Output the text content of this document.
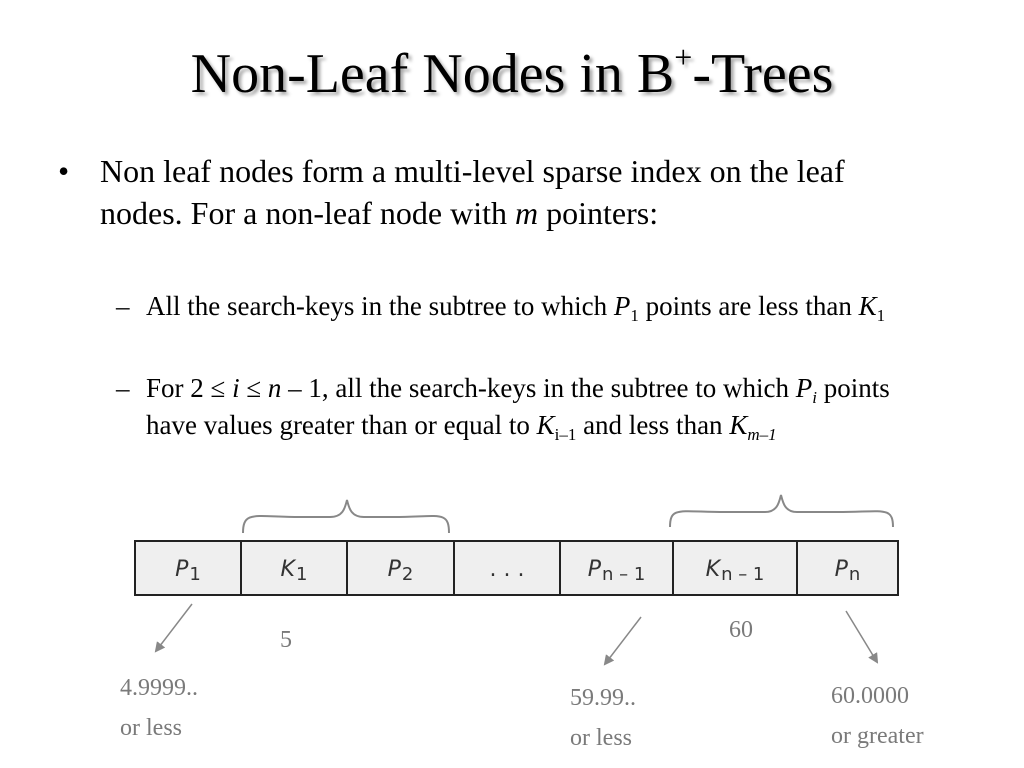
Non-Leaf Nodes in B+-Trees
• Non leaf nodes form a multi-level sparse index on the leaf nodes. For a non-leaf node with m pointers:
– All the search-keys in the subtree to which $P_1$ points are less than $K_1$
– For 2 ≤ i ≤ n – 1, all the search-keys in the subtree to which $P_i$ points have values greater than or equal to $K_{i-1}$ and less than $K_{m-1}$
P1	K1	P2	. . .	Pn – 1	Kn – 1	Pn
5	60
4.9999..
or less
59.99..
or less
60.0000
or greater
